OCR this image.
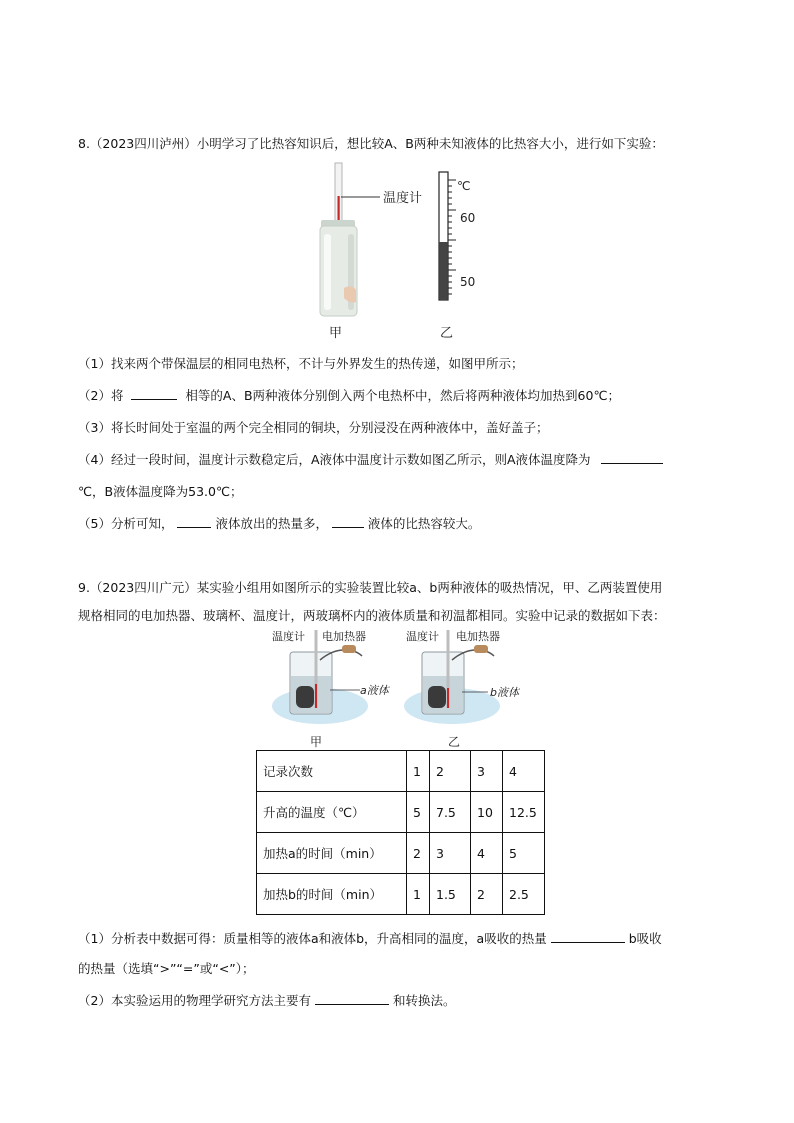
8.（2023四川泸州）小明学习了比热容知识后，想比较A、B两种未知液体的比热容大小，进行如下实验：
温度计
℃
60
50
甲	乙
（1）找来两个带保温层的相同电热杯，不计与外界发生的热传递，如图甲所示；
（2）将	相等的A、B两种液体分别倒入两个电热杯中，然后将两种液体均加热到60℃；
（3）将长时间处于室温的两个完全相同的铜块，分别浸没在两种液体中，盖好盖子；
（4）经过一段时间，温度计示数稳定后，A液体中温度计示数如图乙所示，则A液体温度降为
℃，B液体温度降为53.0℃；
（5）分析可知，	液体放出的热量多，	液体的比热容较大。
9.（2023四川广元）某实验小组用如图所示的实验装置比较a、b两种液体的吸热情况，甲、乙两装置使用
规格相同的电加热器、玻璃杯、温度计，两玻璃杯内的液体质量和初温都相同。实验中记录的数据如下表：
温度计 电加热器
a液体
甲
温度计 电加热器
b液体
乙
记录次数	1	2	3	4
升高的温度（℃）	5	7.5	10	12.5
加热a的时间（min）	2	3	4	5
加热b的时间（min）	1	1.5	2	2.5
（1）分析表中数据可得：质量相等的液体a和液体b，升高相同的温度，a吸收的热量	b吸收
的热量（选填“>”“=”或“<”）；
（2）本实验运用的物理学研究方法主要有	和转换法。
